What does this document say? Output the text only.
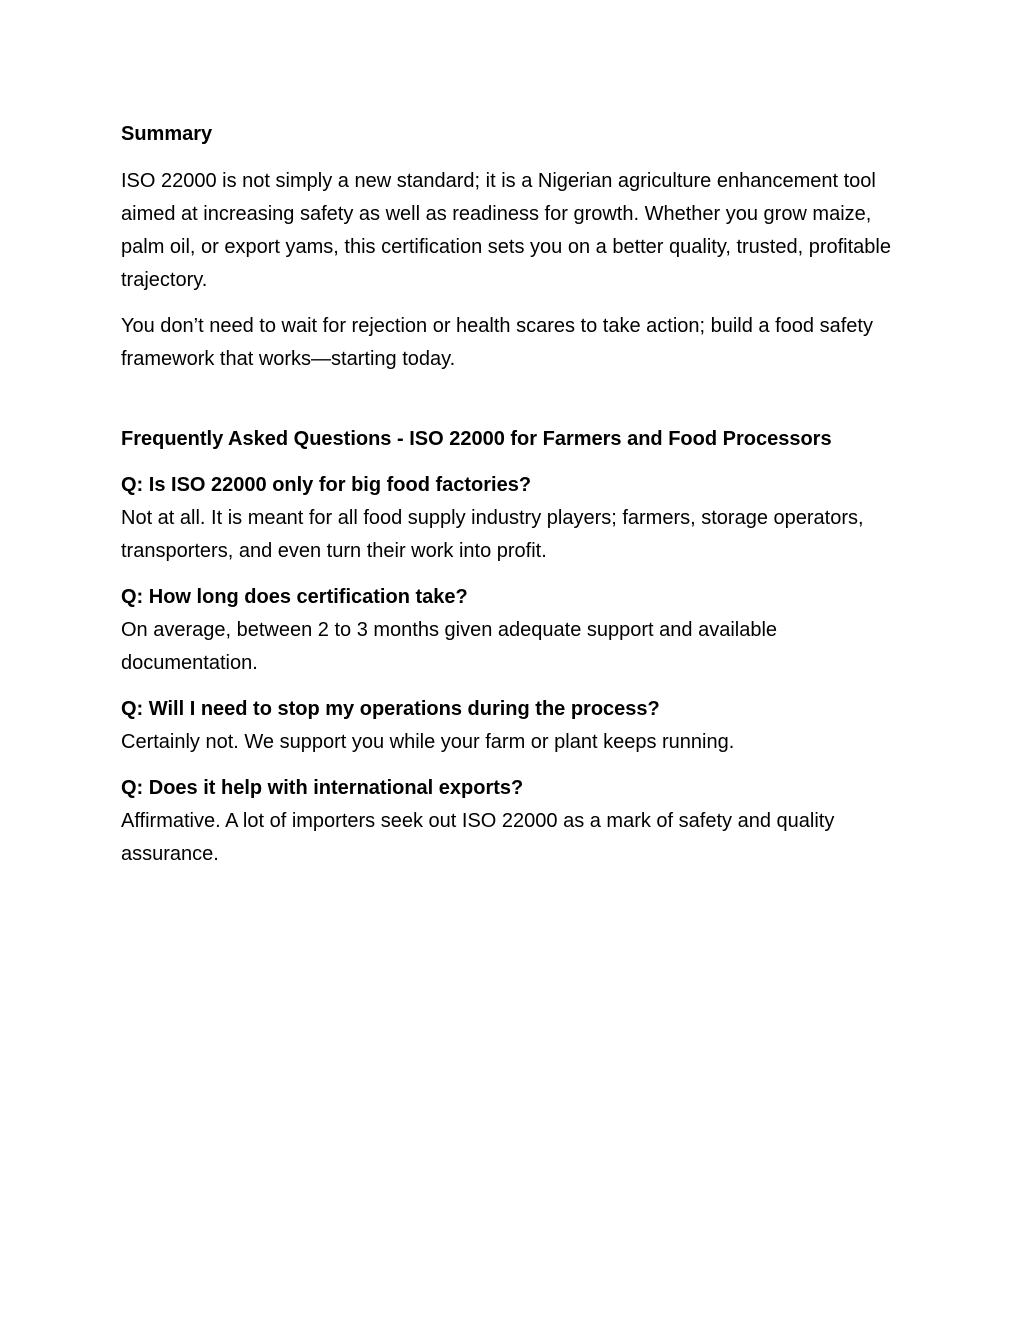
Summary

ISO 22000 is not simply a new standard; it is a Nigerian agriculture enhancement tool aimed at increasing safety as well as readiness for growth. Whether you grow maize, palm oil, or export yams, this certification sets you on a better quality, trusted, profitable trajectory.

You don’t need to wait for rejection or health scares to take action; build a food safety framework that works—starting today.

Frequently Asked Questions - ISO 22000 for Farmers and Food Processors
Q: Is ISO 22000 only for big food factories?
Not at all. It is meant for all food supply industry players; farmers, storage operators, transporters, and even turn their work into profit.
Q: How long does certification take?
On average, between 2 to 3 months given adequate support and available documentation.
Q: Will I need to stop my operations during the process?
Certainly not. We support you while your farm or plant keeps running.
Q: Does it help with international exports?
Affirmative. A lot of importers seek out ISO 22000 as a mark of safety and quality assurance.
